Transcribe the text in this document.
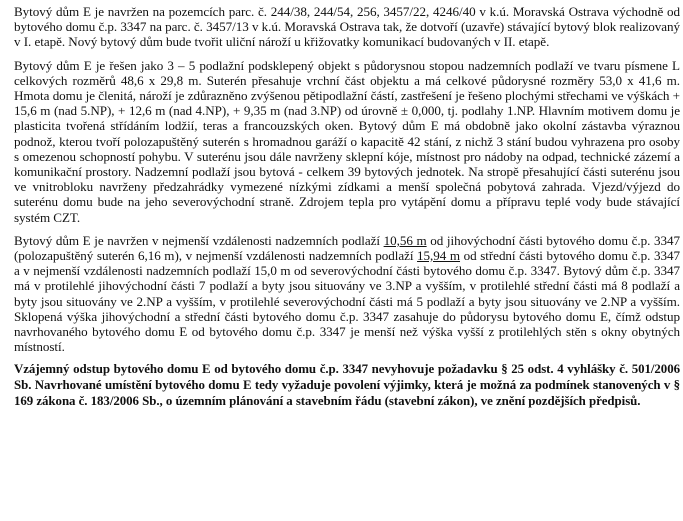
Bytový dům E je navržen na pozemcích parc. č. 244/38, 244/54, 256, 3457/22, 4246/40 v k.ú. Moravská Ostrava východně od bytového domu č.p. 3347 na parc. č. 3457/13 v k.ú. Moravská Ostrava tak, že dotvoří (uzavře) stávající bytový blok realizovaný v I. etapě. Nový bytový dům bude tvořit uliční nároží u křižovatky komunikací budovaných v II. etapě.

Bytový dům E je řešen jako 3 – 5 podlažní podsklepený objekt s půdorysnou stopou nadzemních podlaží ve tvaru písmene L celkových rozměrů 48,6 x 29,8 m. Suterén přesahuje vrchní část objektu a má celkové půdorysné rozměry 53,0 x 41,6 m. Hmota domu je členitá, nároží je zdůrazněno zvýšenou pětipodlažní částí, zastřešení je řešeno plochými střechami ve výškách + 15,6 m (nad 5.NP), + 12,6 m (nad 4.NP), + 9,35 m (nad 3.NP) od úrovně ± 0,000, tj. podlahy 1.NP. Hlavním motivem domu je plasticita tvořená střídáním lodžií, teras a francouzských oken. Bytový dům E má obdobně jako okolní zástavba výraznou podnož, kterou tvoří polozapuštěný suterén s hromadnou garáží o kapacitě 42 stání, z nichž 3 stání budou vyhrazena pro osoby s omezenou schopností pohybu. V suterénu jsou dále navrženy sklepní kóje, místnost pro nádoby na odpad, technické zázemí a komunikační prostory. Nadzemní podlaží jsou bytová - celkem 39 bytových jednotek. Na stropě přesahující části suterénu jsou ve vnitrobloku navrženy předzahrádky vymezené nízkými zídkami a menší společná pobytová zahrada. Vjezd/výjezd do suterénu domu bude na jeho severovýchodní straně. Zdrojem tepla pro vytápění domu a přípravu teplé vody bude stávající systém CZT.

Bytový dům E je navržen v nejmenší vzdálenosti nadzemních podlaží 10,56 m od jihovýchodní části bytového domu č.p. 3347 (polozapuštěný suterén 6,16 m), v nejmenší vzdálenosti nadzemních podlaží 15,94 m od střední části bytového domu č.p. 3347 a v nejmenší vzdálenosti nadzemních podlaží 15,0 m od severovýchodní části bytového domu č.p. 3347. Bytový dům č.p. 3347 má v protilehlé jihovýchodní části 7 podlaží a byty jsou situovány ve 3.NP a vyšším, v protilehlé střední části má 8 podlaží a byty jsou situovány ve 2.NP a vyšším, v protilehlé severovýchodní části má 5 podlaží a byty jsou situovány ve 2.NP a vyšším. Sklopená výška jihovýchodní a střední části bytového domu č.p. 3347 zasahuje do půdorysu bytového domu E, čímž odstup navrhovaného bytového domu E od bytového domu č.p. 3347 je menší než výška vyšší z protilehlých stěn s okny obytných místností.

Vzájemný odstup bytového domu E od bytového domu č.p. 3347 nevyhovuje požadavku § 25 odst. 4 vyhlášky č. 501/2006 Sb. Navrhované umístění bytového domu E tedy vyžaduje povolení výjimky, která je možná za podmínek stanovených v § 169 zákona č. 183/2006 Sb., o územním plánování a stavebním řádu (stavební zákon), ve znění pozdějších předpisů.
